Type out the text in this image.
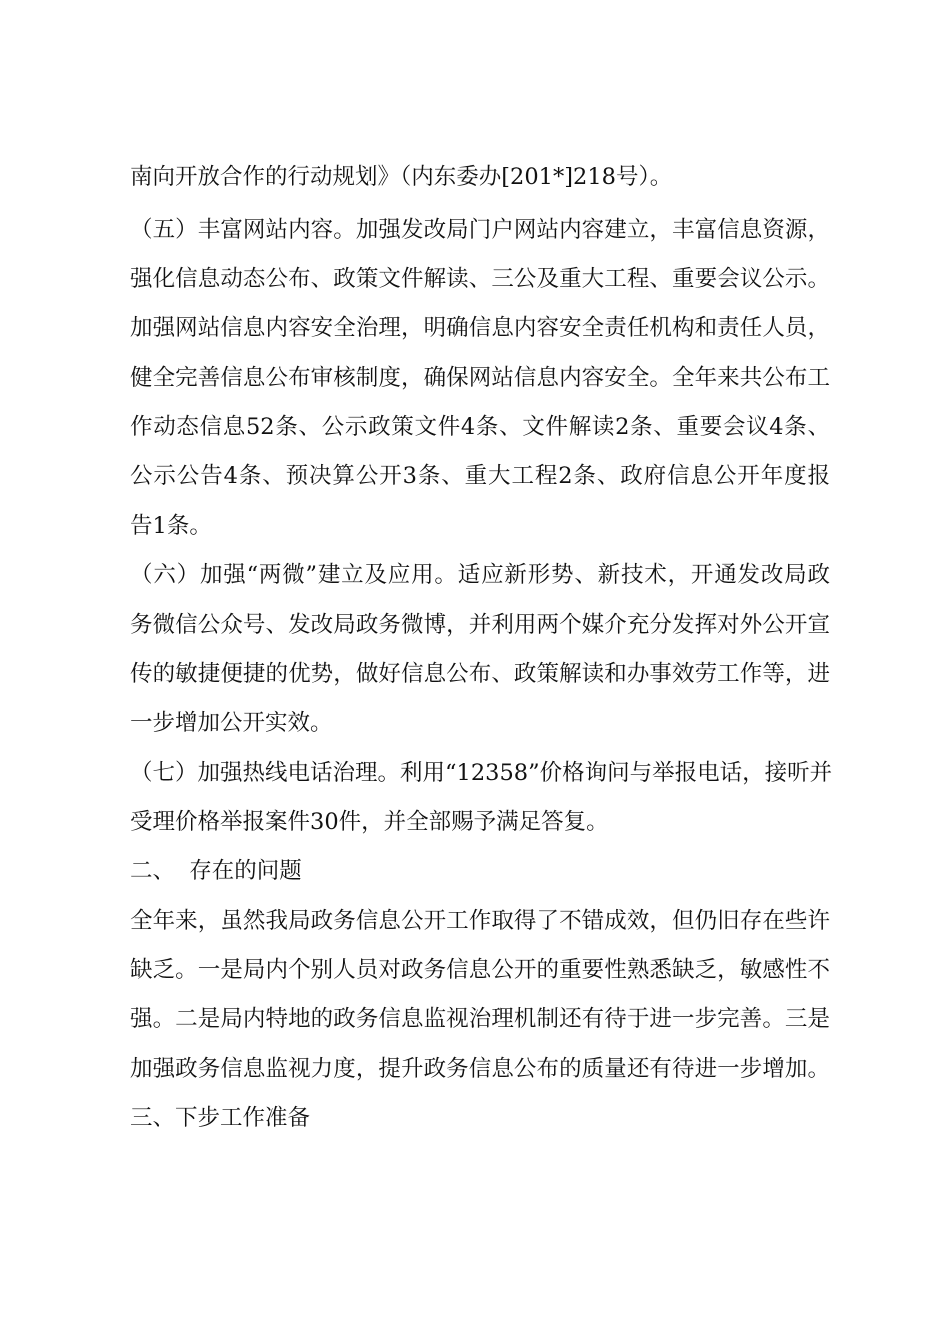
南向开放合作的行动规划》（内东委办[201*]218号）。
（五）丰富网站内容。加强发改局门户网站内容建立，丰富信息资源，
强化信息动态公布、政策文件解读、三公及重大工程、重要会议公示。
加强网站信息内容安全治理，明确信息内容安全责任机构和责任人员，
健全完善信息公布审核制度，确保网站信息内容安全。全年来共公布工
作动态信息52条、公示政策文件4条、文件解读2条、重要会议4条、
公示公告4条、预决算公开3条、重大工程2条、政府信息公开年度报
告1条。
（六）加强“两微”建立及应用。适应新形势、新技术，开通发改局政
务微信公众号、发改局政务微博，并利用两个媒介充分发挥对外公开宣
传的敏捷便捷的优势，做好信息公布、政策解读和办事效劳工作等，进
一步增加公开实效。
（七）加强热线电话治理。利用“12358”价格询问与举报电话，接听并
受理价格举报案件30件，并全部赐予满足答复。
二、  存在的问题
全年来，虽然我局政务信息公开工作取得了不错成效，但仍旧存在些许
缺乏。一是局内个别人员对政务信息公开的重要性熟悉缺乏，敏感性不
强。二是局内特地的政务信息监视治理机制还有待于进一步完善。三是
加强政务信息监视力度，提升政务信息公布的质量还有待进一步增加。
三、下步工作准备
